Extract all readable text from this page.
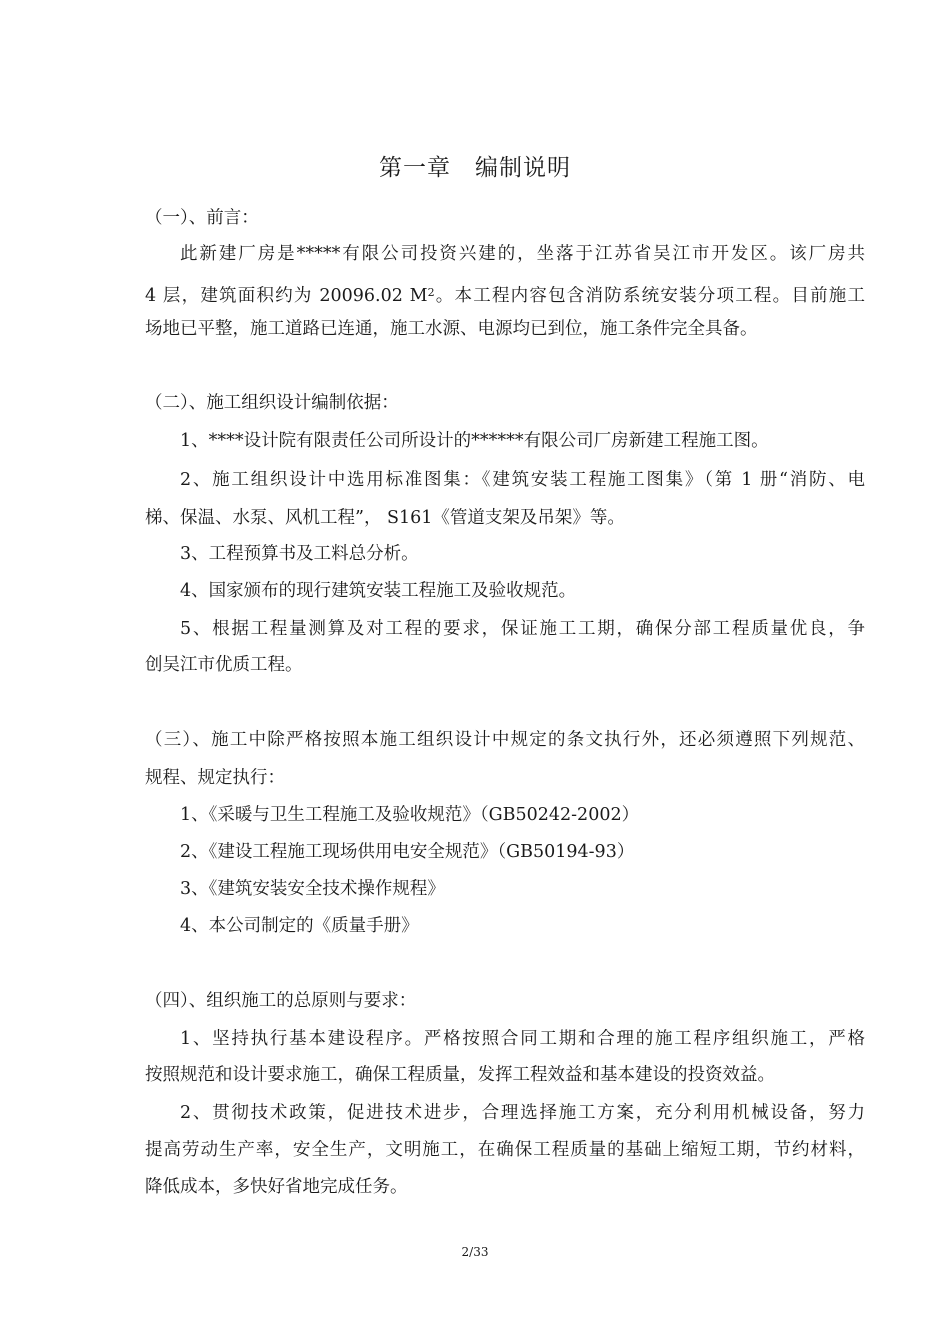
第一章 编制说明
（一）、前言：
此新建厂房是*****有限公司投资兴建的，坐落于江苏省吴江市开发区。该厂房共
4 层，建筑面积约为 20096.02 $M^2$。本工程内容包含消防系统安装分项工程。目前施工
场地已平整，施工道路已连通，施工水源、电源均已到位，施工条件完全具备。
（二）、施工组织设计编制依据：
1、****设计院有限责任公司所设计的******有限公司厂房新建工程施工图。
2、施工组织设计中选用标准图集：《建筑安装工程施工图集》（第 1 册“消防、电
梯、保温、水泵、风机工程”， S161《管道支架及吊架》等。
3、工程预算书及工料总分析。
4、国家颁布的现行建筑安装工程施工及验收规范。
5、根据工程量测算及对工程的要求，保证施工工期，确保分部工程质量优良，争
创吴江市优质工程。
（三）、施工中除严格按照本施工组织设计中规定的条文执行外，还必须遵照下列规范、
规程、规定执行：
1、《采暖与卫生工程施工及验收规范》（GB50242-2002）
2、《建设工程施工现场供用电安全规范》（GB50194-93）
3、《建筑安装安全技术操作规程》
4、本公司制定的《质量手册》
（四）、组织施工的总原则与要求：
1、坚持执行基本建设程序。严格按照合同工期和合理的施工程序组织施工，严格
按照规范和设计要求施工，确保工程质量，发挥工程效益和基本建设的投资效益。
2、贯彻技术政策，促进技术进步，合理选择施工方案，充分利用机械设备，努力
提高劳动生产率，安全生产，文明施工，在确保工程质量的基础上缩短工期，节约材料，
降低成本，多快好省地完成任务。
2/33
